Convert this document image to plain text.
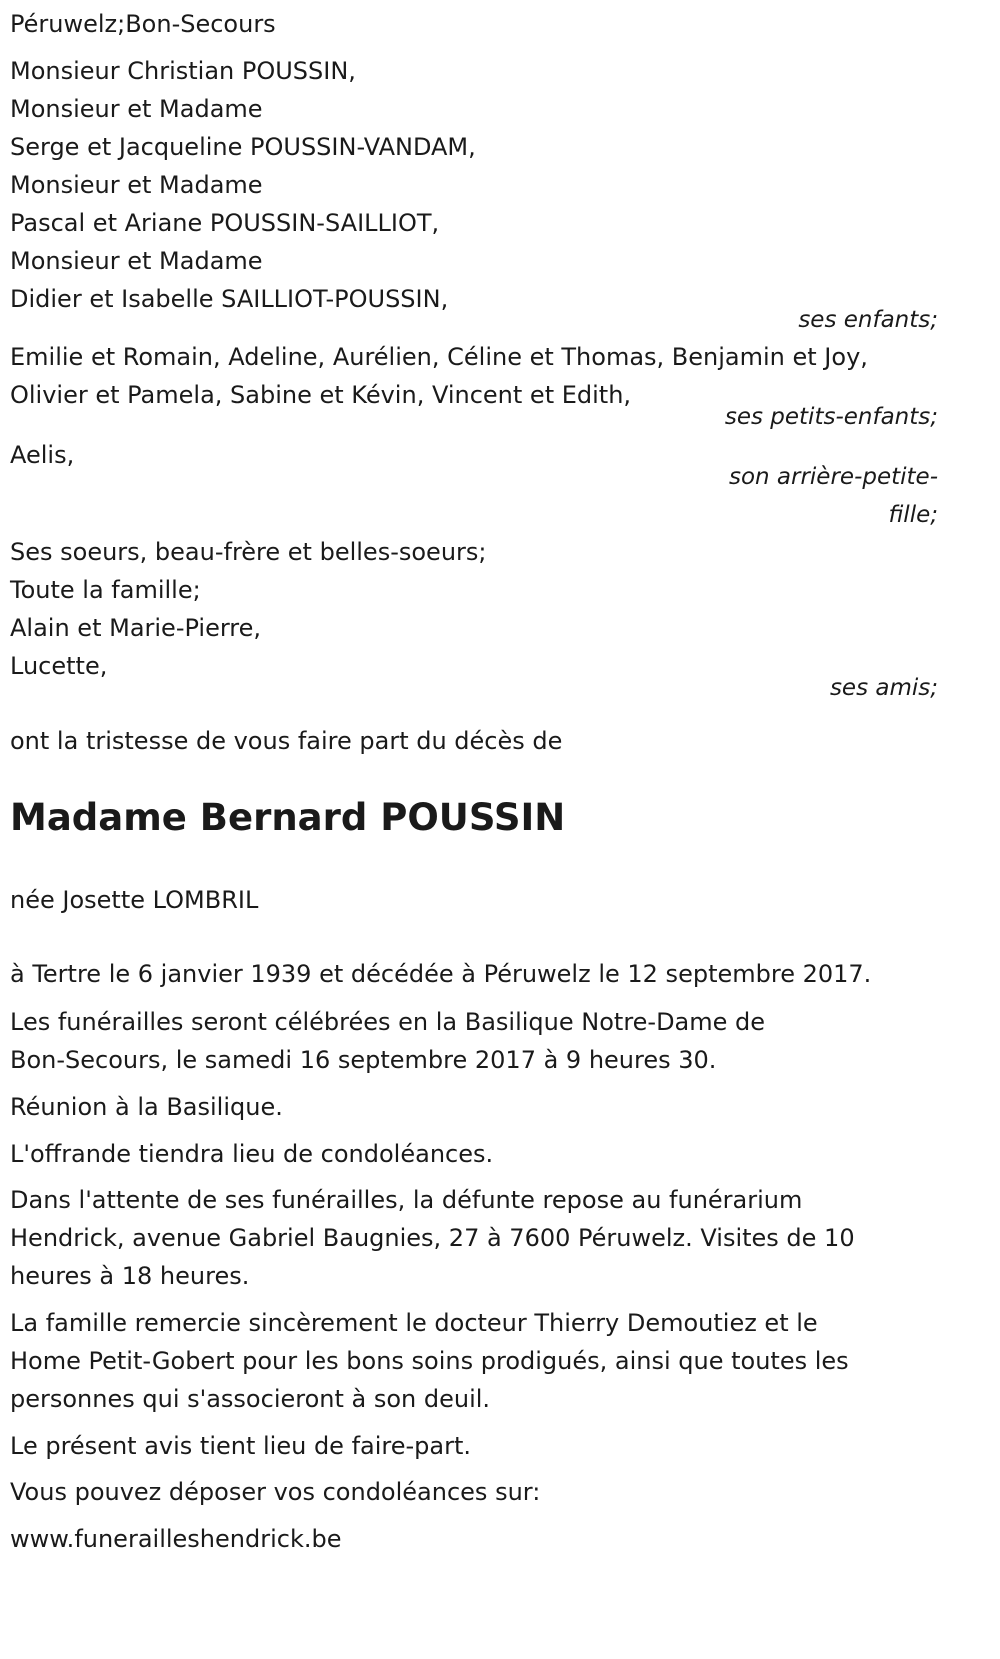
Péruwelz;Bon-Secours
Monsieur Christian POUSSIN,
Monsieur et Madame
Serge et Jacqueline POUSSIN-VANDAM,
Monsieur et Madame
Pascal et Ariane POUSSIN-SAILLIOT,
Monsieur et Madame
Didier et Isabelle SAILLIOT-POUSSIN,
ses enfants;
Emilie et Romain, Adeline, Aurélien, Céline et Thomas, Benjamin et Joy,
Olivier et Pamela, Sabine et Kévin, Vincent et Edith,
ses petits-enfants;
Aelis,
son arrière-petite-
fille;
Ses soeurs, beau-frère et belles-soeurs;
Toute la famille;
Alain et Marie-Pierre,
Lucette,
ses amis;
ont la tristesse de vous faire part du décès de
Madame Bernard POUSSIN
née Josette LOMBRIL
à Tertre le 6 janvier 1939 et décédée à Péruwelz le 12 septembre 2017.
Les funérailles seront célébrées en la Basilique Notre-Dame de
Bon-Secours, le samedi 16 septembre 2017 à 9 heures 30.
Réunion à la Basilique.
L'offrande tiendra lieu de condoléances.
Dans l'attente de ses funérailles, la défunte repose au funérarium
Hendrick, avenue Gabriel Baugnies, 27 à 7600 Péruwelz. Visites de 10
heures à 18 heures.
La famille remercie sincèrement le docteur Thierry Demoutiez et le
Home Petit-Gobert pour les bons soins prodigués, ainsi que toutes les
personnes qui s'associeront à son deuil.
Le présent avis tient lieu de faire-part.
Vous pouvez déposer vos condoléances sur:
www.funerailleshendrick.be
